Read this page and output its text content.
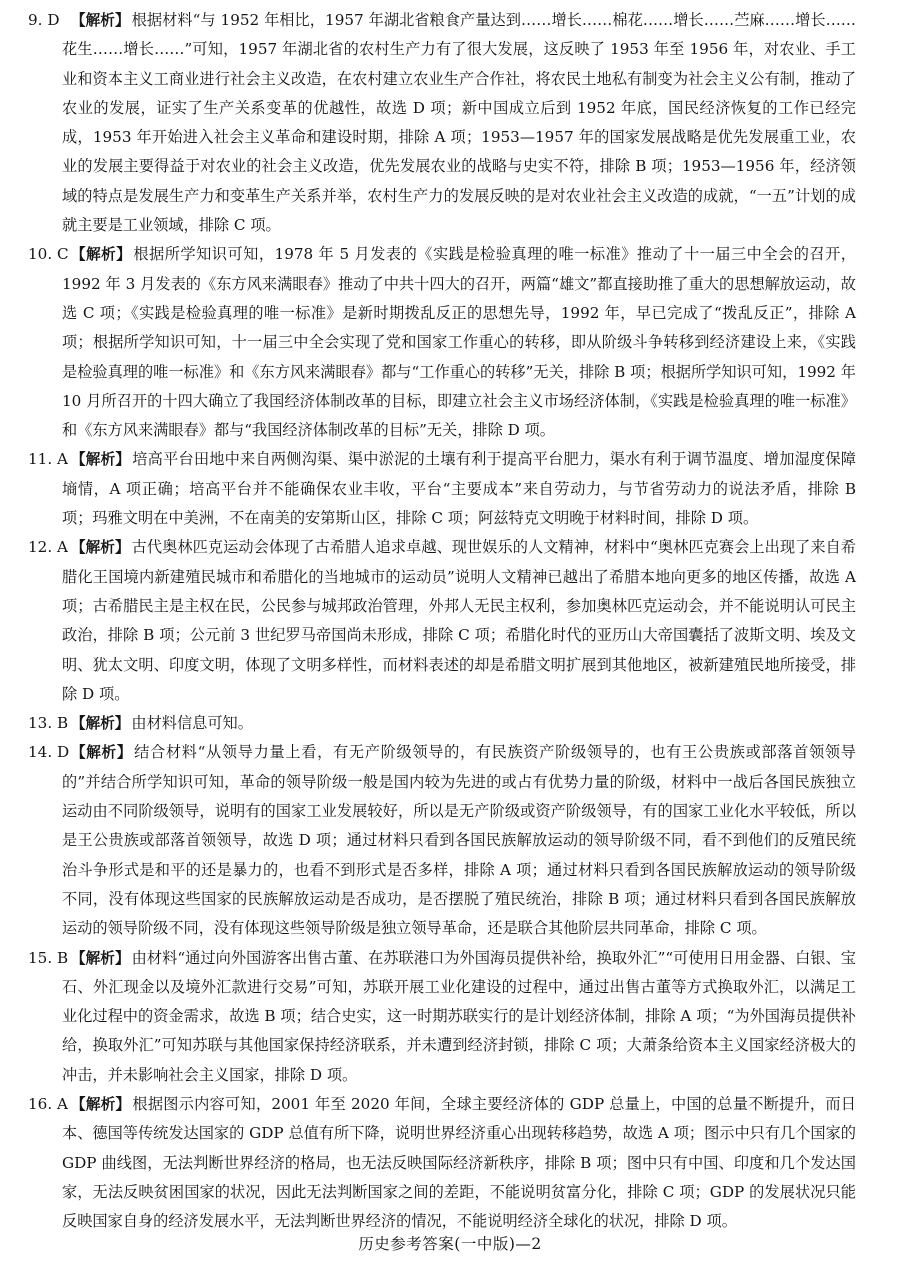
9. D 【解析】 根据材料“与 1952 年相比，1957 年湖北省粮食产量达到……增长……棉花……增长……苎麻……增长……花生……增长……”可知，1957 年湖北省的农村生产力有了很大发展，这反映了 1953 年至 1956 年，对农业、手工业和资本主义工商业进行社会主义改造，在农村建立农业生产合作社，将农民土地私有制变为社会主义公有制，推动了农业的发展，证实了生产关系变革的优越性，故选 D 项；新中国成立后到 1952 年底，国民经济恢复的工作已经完成，1953 年开始进入社会主义革命和建设时期，排除 A 项；1953—1957 年的国家发展战略是优先发展重工业，农业的发展主要得益于对农业的社会主义改造，优先发展农业的战略与史实不符，排除 B 项；1953—1956 年，经济领域的特点是发展生产力和变革生产关系并举，农村生产力的发展反映的是对农业社会主义改造的成就，“一五”计划的成就主要是工业领域，排除 C 项。
10. C 【解析】 根据所学知识可知，1978 年 5 月发表的《实践是检验真理的唯一标准》推动了十一届三中全会的召开，1992 年 3 月发表的《东方风来满眼春》推动了中共十四大的召开，两篇“雄文”都直接助推了重大的思想解放运动，故选 C 项；《实践是检验真理的唯一标准》是新时期拨乱反正的思想先导，1992 年，早已完成了“拨乱反正”，排除 A 项；根据所学知识可知，十一届三中全会实现了党和国家工作重心的转移，即从阶级斗争转移到经济建设上来，《实践是检验真理的唯一标准》和《东方风来满眼春》都与“工作重心的转移”无关，排除 B 项；根据所学知识可知，1992 年 10 月所召开的十四大确立了我国经济体制改革的目标，即建立社会主义市场经济体制，《实践是检验真理的唯一标准》和《东方风来满眼春》都与“我国经济体制改革的目标”无关，排除 D 项。
11. A 【解析】 培高平台田地中来自两侧沟渠、渠中淤泥的土壤有利于提高平台肥力，渠水有利于调节温度、增加湿度保障墒情，A 项正确；培高平台并不能确保农业丰收，平台“主要成本”来自劳动力，与节省劳动力的说法矛盾，排除 B 项；玛雅文明在中美洲，不在南美的安第斯山区，排除 C 项；阿兹特克文明晚于材料时间，排除 D 项。
12. A 【解析】 古代奥林匹克运动会体现了古希腊人追求卓越、现世娱乐的人文精神，材料中“奥林匹克赛会上出现了来自希腊化王国境内新建殖民城市和希腊化的当地城市的运动员”说明人文精神已越出了希腊本地向更多的地区传播，故选 A 项；古希腊民主是主权在民，公民参与城邦政治管理，外邦人无民主权利，参加奥林匹克运动会，并不能说明认可民主政治，排除 B 项；公元前 3 世纪罗马帝国尚未形成，排除 C 项；希腊化时代的亚历山大帝国囊括了波斯文明、埃及文明、犹太文明、印度文明，体现了文明多样性，而材料表述的却是希腊文明扩展到其他地区，被新建殖民地所接受，排除 D 项。
13. B 【解析】 由材料信息可知。
14. D 【解析】 结合材料“从领导力量上看，有无产阶级领导的，有民族资产阶级领导的，也有王公贵族或部落首领领导的”并结合所学知识可知，革命的领导阶级一般是国内较为先进的或占有优势力量的阶级，材料中一战后各国民族独立运动由不同阶级领导，说明有的国家工业发展较好，所以是无产阶级或资产阶级领导，有的国家工业化水平较低，所以是王公贵族或部落首领领导，故选 D 项；通过材料只看到各国民族解放运动的领导阶级不同，看不到他们的反殖民统治斗争形式是和平的还是暴力的，也看不到形式是否多样，排除 A 项；通过材料只看到各国民族解放运动的领导阶级不同，没有体现这些国家的民族解放运动是否成功，是否摆脱了殖民统治，排除 B 项；通过材料只看到各国民族解放运动的领导阶级不同，没有体现这些领导阶级是独立领导革命，还是联合其他阶层共同革命，排除 C 项。
15. B 【解析】 由材料“通过向外国游客出售古董、在苏联港口为外国海员提供补给，换取外汇”“可使用日用金器、白银、宝石、外汇现金以及境外汇款进行交易”可知，苏联开展工业化建设的过程中，通过出售古董等方式换取外汇，以满足工业化过程中的资金需求，故选 B 项；结合史实，这一时期苏联实行的是计划经济体制，排除 A 项；“为外国海员提供补给，换取外汇”可知苏联与其他国家保持经济联系，并未遭到经济封锁，排除 C 项；大萧条给资本主义国家经济极大的冲击，并未影响社会主义国家，排除 D 项。
16. A 【解析】 根据图示内容可知，2001 年至 2020 年间，全球主要经济体的 GDP 总量上，中国的总量不断提升，而日本、德国等传统发达国家的 GDP 总值有所下降，说明世界经济重心出现转移趋势，故选 A 项；图示中只有几个国家的 GDP 曲线图，无法判断世界经济的格局，也无法反映国际经济新秩序，排除 B 项；图中只有中国、印度和几个发达国家，无法反映贫困国家的状况，因此无法判断国家之间的差距，不能说明贫富分化，排除 C 项；GDP 的发展状况只能反映国家自身的经济发展水平，无法判断世界经济的情况，不能说明经济全球化的状况，排除 D 项。
历史参考答案(一中版)—2
